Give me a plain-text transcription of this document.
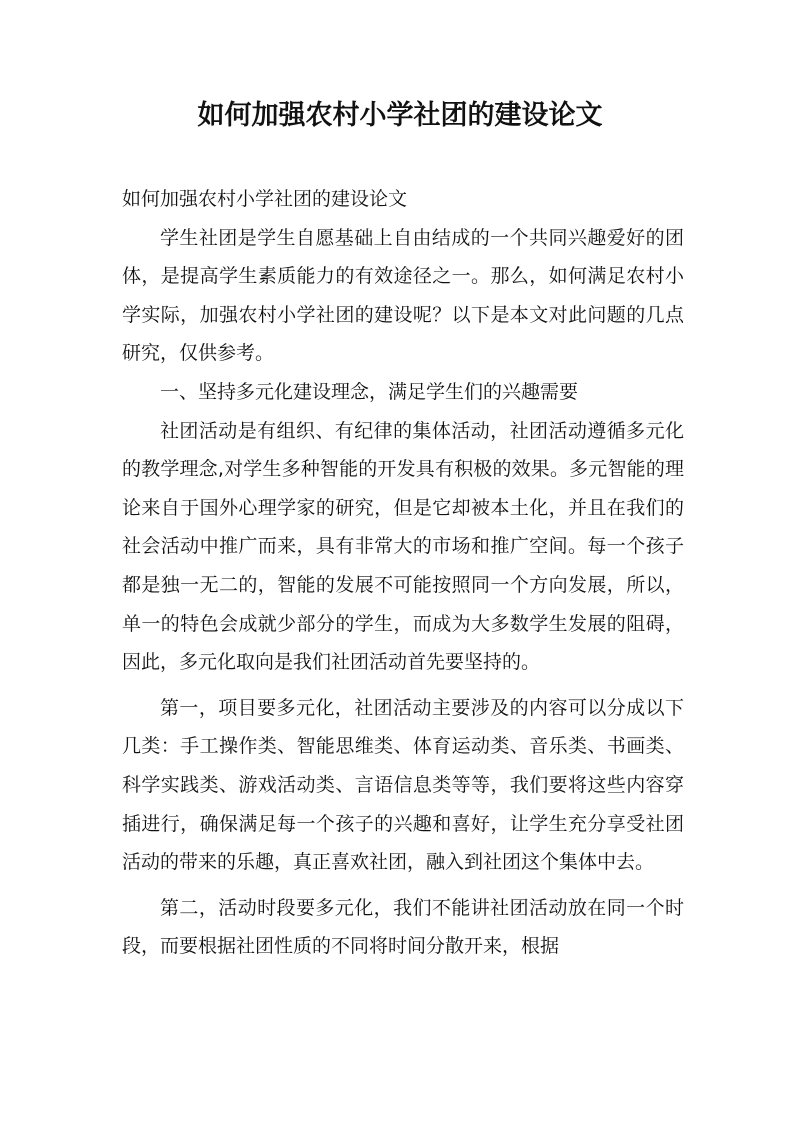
如何加强农村小学社团的建设论文

如何加强农村小学社团的建设论文

学生社团是学生自愿基础上自由结成的一个共同兴趣爱好的团体，是提高学生素质能力的有效途径之一。那么，如何满足农村小学实际，加强农村小学社团的建设呢？以下是本文对此问题的几点研究，仅供参考。

一、坚持多元化建设理念，满足学生们的兴趣需要

社团活动是有组织、有纪律的集体活动，社团活动遵循多元化的教学理念,对学生多种智能的开发具有积极的效果。多元智能的理论来自于国外心理学家的研究，但是它却被本土化，并且在我们的社会活动中推广而来，具有非常大的市场和推广空间。每一个孩子都是独一无二的，智能的发展不可能按照同一个方向发展，所以，单一的特色会成就少部分的学生，而成为大多数学生发展的阻碍，因此，多元化取向是我们社团活动首先要坚持的。

第一，项目要多元化，社团活动主要涉及的内容可以分成以下几类：手工操作类、智能思维类、体育运动类、音乐类、书画类、科学实践类、游戏活动类、言语信息类等等，我们要将这些内容穿插进行，确保满足每一个孩子的兴趣和喜好，让学生充分享受社团活动的带来的乐趣，真正喜欢社团，融入到社团这个集体中去。

第二，活动时段要多元化，我们不能讲社团活动放在同一个时段，而要根据社团性质的不同将时间分散开来，根据
